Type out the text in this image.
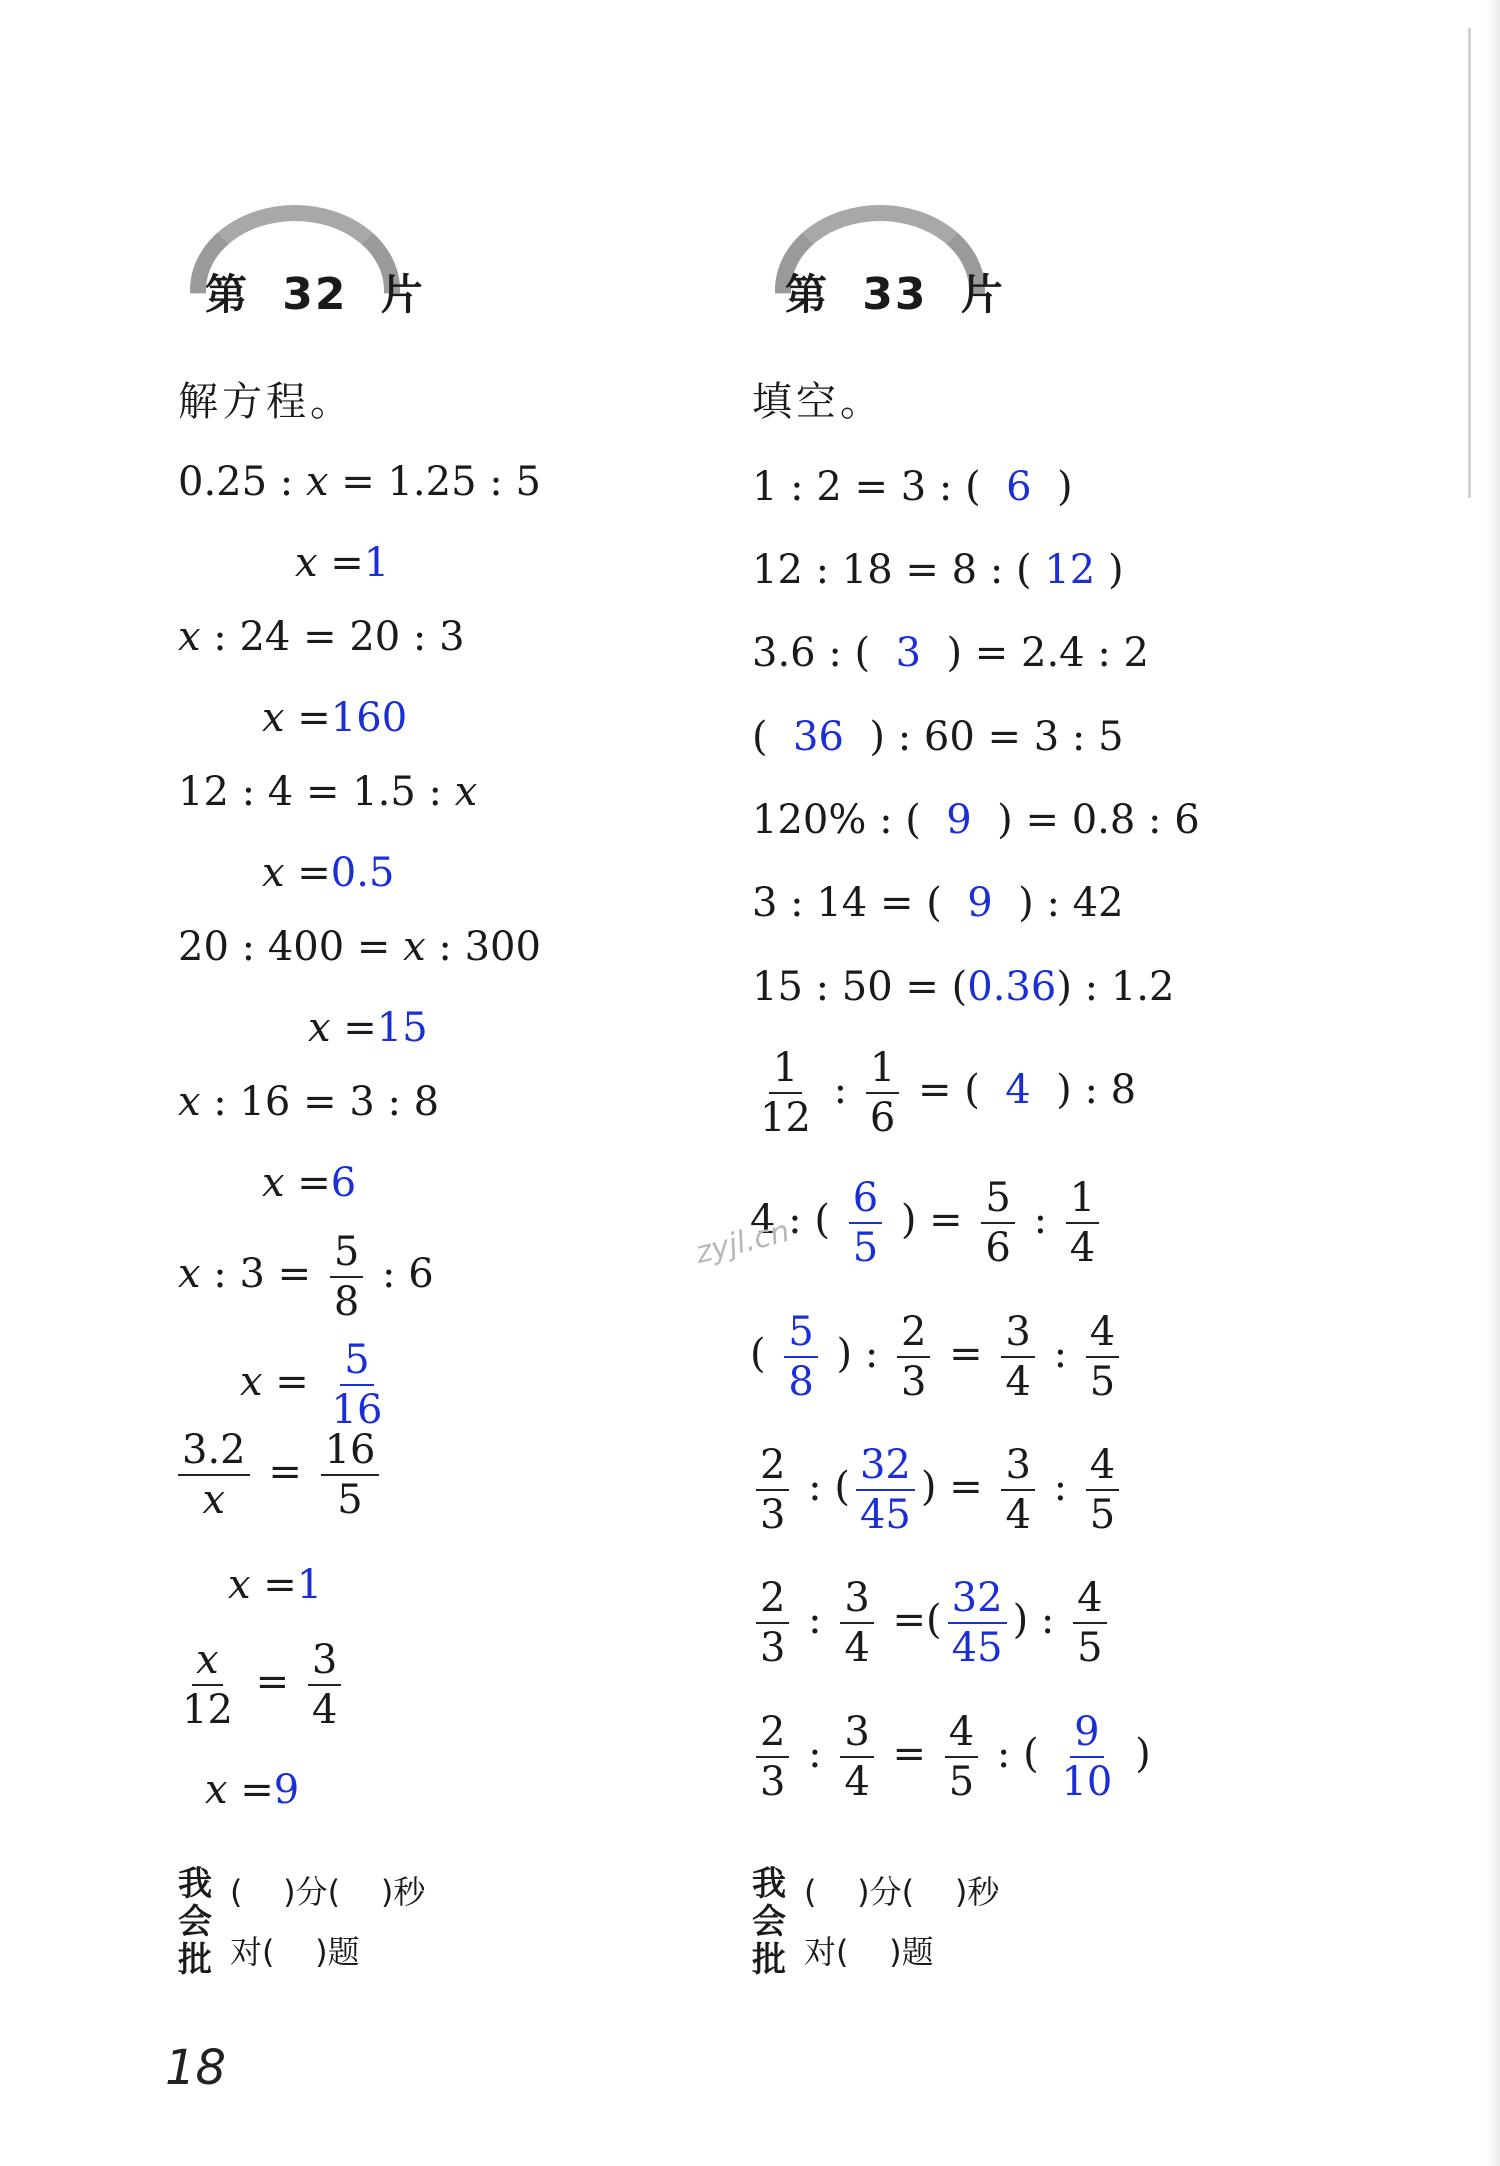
第 32 片
解方程。
0.25 : x = 1.25 : 5
x =1
x : 24 = 20 : 3
x =160
12 : 4 = 1.5 : x
x =0.5
20 : 400 = x : 300
x =15
x : 16 = 3 : 8
x =6
x : $3 = \frac{5}{8}$ : 6
$x = \frac{5}{16}$
$\frac{3.2}{x} = \frac{16}{5}$
x =1
$\frac{x}{12} = \frac{3}{4}$
x =9
我
会
批
(    )分(    )秒
对(    )题
第 33 片
填空。
1 : 2 = 3 : (  6  )
12 : 18 = 8 : ( 12 )
3.6 : (  3  ) = 2.4 : 2
(  36  ) : 60 = 3 : 5
120% : (  9  ) = 0.8 : 6
3 : 14 = (  9  ) : 42
15 : 50 = (0.36) : 1.2
$\frac{1}{12}$ : $\frac{1}{6}$ = (  4  ) : 8
4 : ( $\frac{6}{5}$ ) = $\frac{5}{6}$ : $\frac{1}{4}$
( $\frac{5}{8}$ ) : $\frac{2}{3} = \frac{3}{4}$ : $\frac{4}{5}$
$\frac{2}{3}$ : ( $\frac{32}{45}$ ) = $\frac{3}{4}$ : $\frac{4}{5}$
$\frac{2}{3}$ : $\frac{3}{4}$ =( $\frac{32}{45}$ ) : $\frac{4}{5}$
$\frac{2}{3}$ : $\frac{3}{4} = \frac{4}{5}$ : ( $\frac{9}{10}$ )
我
会
批
(    )分(    )秒
对(    )题
zyjl.cn
18
